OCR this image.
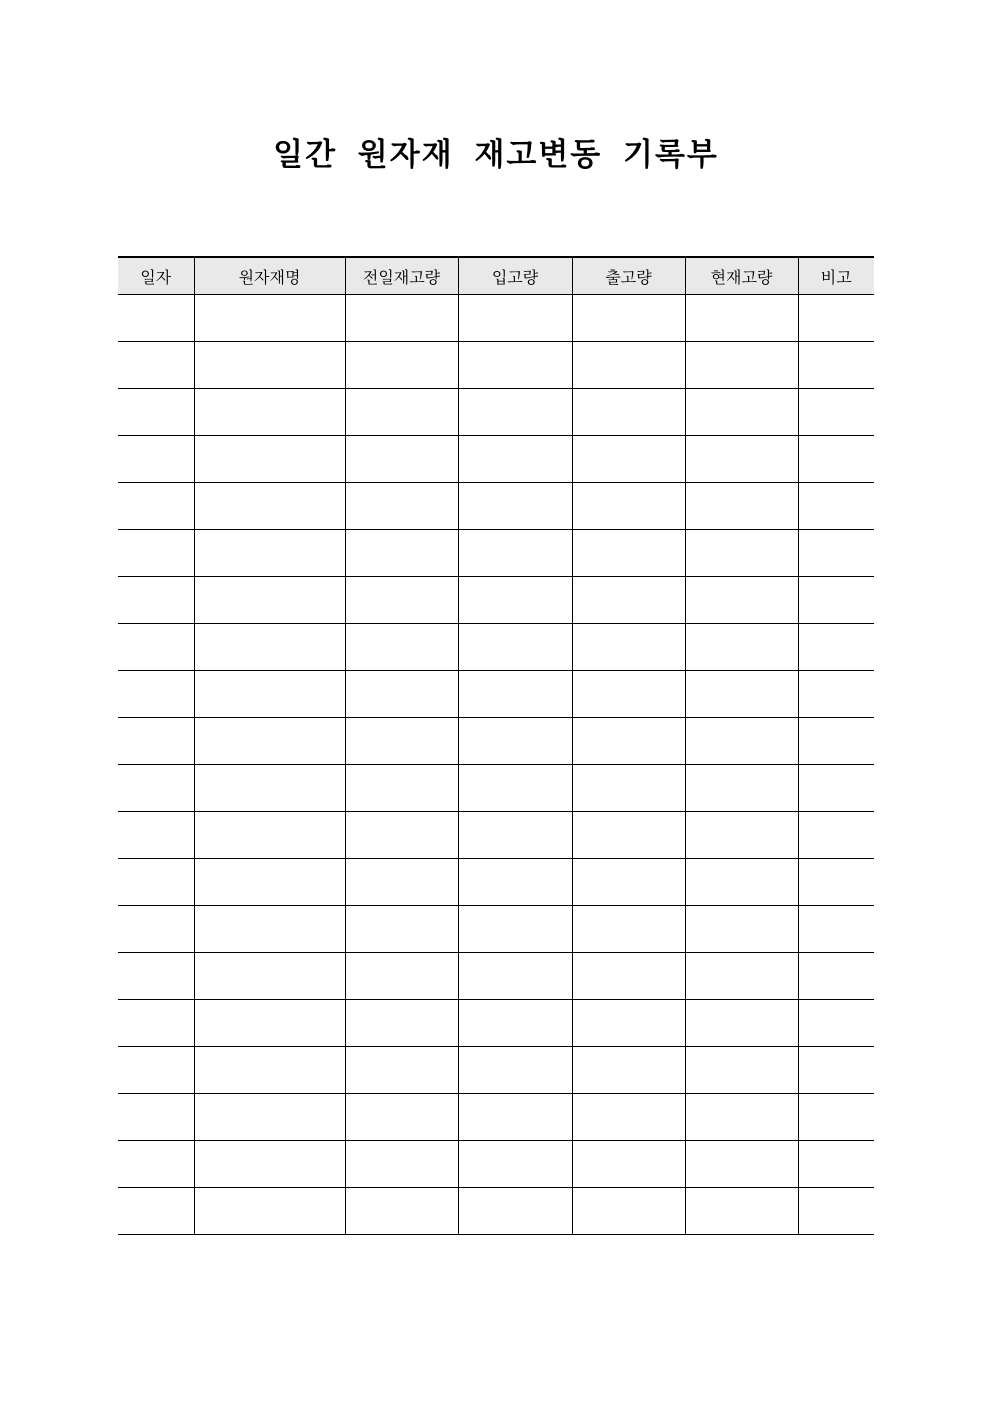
일간 원자재 재고변동 기록부
일자	원자재명	전일재고량	입고량	출고량	현재고량	비고
